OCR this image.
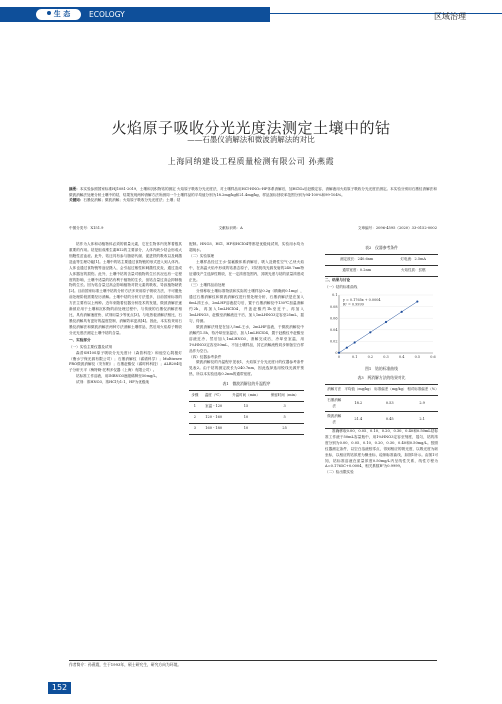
生 态	ECOLOGY	区域治理
火焰原子吸收分光光度法测定土壤中的钴
——石墨仪消解法和微波消解法的对比
上海同纳建设工程质量检测有限公司 孙燕霞
摘要：本实验参照国家标准HJ1081-2019，土壤和沉积物钴的测定 火焰原子吸收分光光度法，对土壤样品用HCl-HNO₃-HF体系消解后，加HClO₄后赶酸定容，消解液用火焰原子吸收分光光度法测定。本实验分别用石墨仪消解法和微波消解法处理分析土壤中的钴，结果发现两种消解方法所测同一个土壤样品的平均值分别为18.2mg/kg和21.4mg/kg，样品加标回收率范围分别为94-100%和99-104%。
关键词：石墨仪消解；微波消解；火焰原子吸收分光光度法；土壤；钴
中图分类号：X151.9	文献标识码：A	文章编号：2096-4595（2020）33-0152-0002
钴作为人体和动植物体必须的微量元素，它在生物体内发挥着极其重要的作用。钴是组成维生素B12的主要部分，人体内缺少钴会形成大细胞性贫血症。此外，钴还具有参与脂肪代谢、促进铁的吸收以及刺激造血等生理功能[1]。土壤中的钴主要通过食物链的形式进入到人体内。人体也通过食物链等途径摄入，会引起过敏性和刺激性皮炎，通过造成人体器官的损伤。此外，土壤中钴的含量对植物的生长状况也有一定程度的影响，土壤中适量的钴有利于植物的生长，但钴含量过高会抑制植物的生长。因为钴含量过高会影响植物对铁元素的吸收，导致植物缺铁[2]。目前国家标准土壤中钴的分析方法多采用原子吸收方法，不可避免前处理阶段需要经历消解。土壤中钴的分析方法很多，目前国家标准的方法主要有以上两种。近年来随着仪器分析技术的发展，微波消解法逐渐被应用于土壤和沉积物的前处理过程中，与传统的石墨仪消解法相比，具有消解速度快、试剂用量少等优点[3]。与电热板消解法相比，石墨仪消解具有更好的温度控制，消解效率更高[4]。因此，本实验采用石墨仪消解法和微波消解法两种方法消解土壤样品，然后用火焰原子吸收分光光度法测定土壤中钴的含量。
一、实验部分
（一）实验主要仪器及试剂
森普SH10S原子吸收分光光度计（森普科技）和他空心阴极灯（衡水宁保光源有限公司）；石墨消解仪（睿谱科学）；Multiwave PRO微波消解仪（安东帕）；石墨赶酸仪（睿时科科技）；ALB204电子分析天平（梅特勒-托利多仪器（上海）有限公司）。
钴标准工作溶液，用INBNO3逐级稀释至50mg/L。
试剂：浓HNO3、浓HCl为1:1，HF为优级纯
配制。HNO3、HCl、HF和HClO4等都是优级纯试剂，实验用水均为超纯水。
（二）实验原理
土壤样品经过王水-氢氟酸体系消解后，吸入及燃性空气-乙炔火焰中，在高温火焰中形成的钴基态原子，对钴锐线光源发射的240.7nm特征谱线产生选择性吸收，在一定浓度范围内，其吸光度与钴的质量浓度成正比。
（三）土壤样品前处理
分别称取土壤标准物质和实际的土壤样品0.2g（精确到0.1mg），通过石墨消解仪和微波消解仪进行预处理分析，石墨消解法是在加入6mL浓王水，2mLHF溶液混匀后，置于石墨消解仪中130℃加温消解约2h，再加入1mLHClO4，并盖赶酸约1h至近干，再加入1mLHNO3，赶酸至消解液近干后，加入1mLHNO3定容至25mL，摇匀，待测。
微波消解法则是在加入5mL王水，2mLHF溶液，于微波消解仪中消解约1.5h，待冷却至室温后，加入1mLHClO4，置于赶酸仪中赶酸至溶液近冷，然后加入1mLHNO3，消解完成后，冷却至室温，用1%HNO3定容至50mL，不加土壤样品，其它消解流程同步制备空白样品作为空白。
（四）仪器参考条件
微波消解仪的升温程序见表1，火焰原子分光光度计的仪器参考条件见表2。由于钴的测定波长为240.7nm，因此选择选用锐线光源并预热，所以本实验选取0.2nm的通带宽度。
表1　微波消解仪的升温程序
步骤	温度（℃）	升温时间（min）	保留时间（min）
1	室温 - 120	15	3
2	120 - 160	10	5
3	160 - 180	10	25
表2　仪器参考条件
测定波长：240.6nm	灯电流：2.5mA
通带宽度：0.2nm	火焰性质：贫燃
二、结果与讨论
（一）钴的标准曲线
0	0.1	0.2	0.3	0.4	0.5	0.6
0
0.02
0.04
0.06
0.08
0.1
y = 0.1765x + 0.0004
R² = 0.9999
图1　钴的标准曲线
表3　两消解方法的结果对比
消解方法	平均值（mg/kg）	标准偏差（mg/kg）	相对标准偏差（%）
石墨消解法	18.2	0.53	2.9
微波消解法	21.4	0.45	2.1
准确移取0.00、0.05、0.10、0.20、0.30、0.40和0.50mL钴标准工作液于50mL容量瓶中，用1%HNO3定容至刻度，摇匀，钴的浓度分别为0.00、0.05、0.10、0.20、0.30、0.40和0.50mg/L。按照仪器测定条件，以空白溶液校零点，得到相应的吸光度，以吸光度为纵坐标，以相应的钴浓度为横坐标，绘制标准曲线，如图1所示。由图1可知，钴标准溶液在质量浓度0.50mg/L内呈线性关系，线性方程为A=0.1765C+0.0004，相关系数R²为0.9999。
（二）检出限实验
作者简介：孙燕霞，生于1993年，硕士研究生，研究方向为环境。
152
